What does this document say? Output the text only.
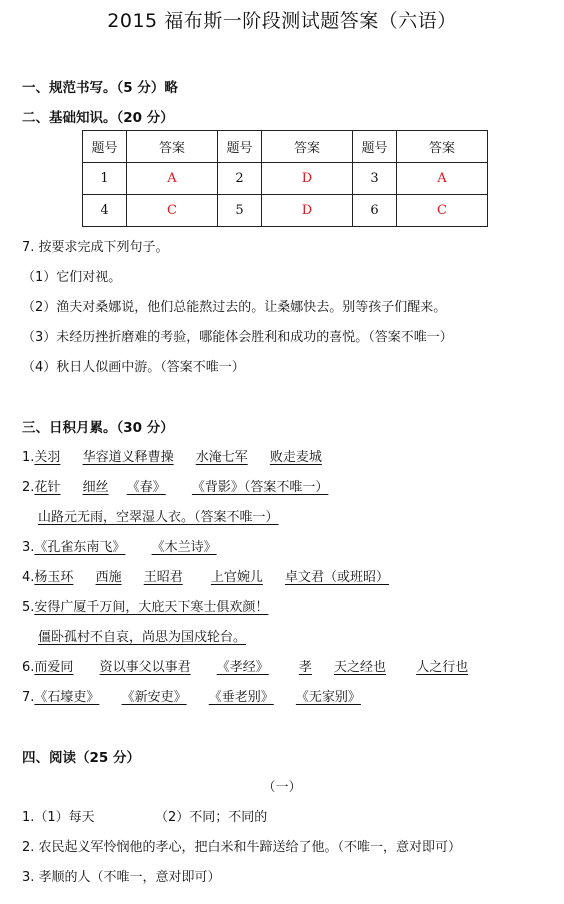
2015 福布斯一阶段测试题答案（六语）
一、规范书写。（5 分）略
二、基础知识。（20 分）
题号	答案	题号	答案	题号	答案
1	A	2	D	3	A
4	C	5	D	6	C
7. 按要求完成下列句子。
（1）它们对视。
（2）渔夫对桑娜说，他们总能熬过去的。让桑娜快去。别等孩子们醒来。
（3）未经历挫折磨难的考验，哪能体会胜利和成功的喜悦。（答案不唯一）
（4）秋日人似画中游。（答案不唯一）
三、日积月累。（30 分）
1.关羽 华容道义释曹操 水淹七军 败走麦城
2.花针 细丝 《春》 《背影》（答案不唯一）
山路元无雨，空翠湿人衣。（答案不唯一）
3.《孔雀东南飞》 《木兰诗》
4.杨玉环 西施 王昭君 上官婉儿 卓文君（或班昭）
5.安得广厦千万间，大庇天下寒士俱欢颜！
僵卧孤村不自哀，尚思为国戍轮台。
6.而爱同 资以事父以事君 《孝经》 孝 天之经也 人之行也
7.《石壕吏》 《新安吏》 《垂老别》 《无家别》
四、阅读（25 分）
（一）
1.（1）每天	（2）不同；不同的
2. 农民起义军怜悯他的孝心，把白米和牛蹄送给了他。（不唯一，意对即可）
3. 孝顺的人（不唯一，意对即可）
